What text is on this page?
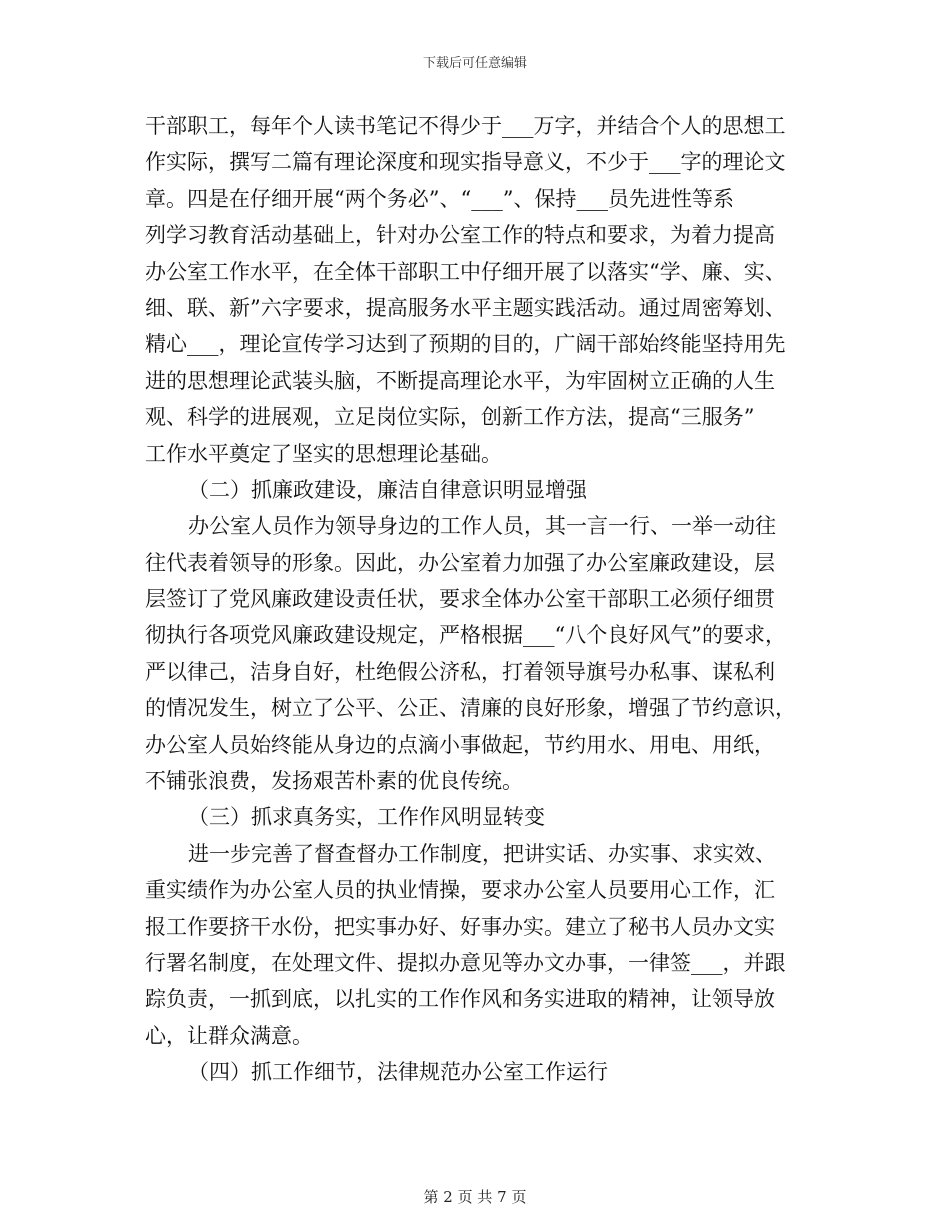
下载后可任意编辑
干部职工，每年个人读书笔记不得少于___万字，并结合个人的思想工
作实际，撰写二篇有理论深度和现实指导意义，不少于___字的理论文
章。四是在仔细开展“两个务必”、“___”、保持___员先进性等系
列学习教育活动基础上，针对办公室工作的特点和要求，为着力提高
办公室工作水平，在全体干部职工中仔细开展了以落实“学、廉、实、
细、联、新”六字要求，提高服务水平主题实践活动。通过周密筹划、
精心___，理论宣传学习达到了预期的目的，广阔干部始终能坚持用先
进的思想理论武装头脑，不断提高理论水平，为牢固树立正确的人生
观、科学的进展观，立足岗位实际，创新工作方法，提高“三服务”
工作水平奠定了坚实的思想理论基础。
（二）抓廉政建设，廉洁自律意识明显增强
办公室人员作为领导身边的工作人员，其一言一行、一举一动往
往代表着领导的形象。因此，办公室着力加强了办公室廉政建设，层
层签订了党风廉政建设责任状，要求全体办公室干部职工必须仔细贯
彻执行各项党风廉政建设规定，严格根据___“八个良好风气”的要求，
严以律己，洁身自好，杜绝假公济私，打着领导旗号办私事、谋私利
的情况发生，树立了公平、公正、清廉的良好形象，增强了节约意识，
办公室人员始终能从身边的点滴小事做起，节约用水、用电、用纸，
不铺张浪费，发扬艰苦朴素的优良传统。
（三）抓求真务实，工作作风明显转变
进一步完善了督查督办工作制度，把讲实话、办实事、求实效、
重实绩作为办公室人员的执业情操，要求办公室人员要用心工作，汇
报工作要挤干水份，把实事办好、好事办实。建立了秘书人员办文实
行署名制度，在处理文件、提拟办意见等办文办事，一律签___，并跟
踪负责，一抓到底，以扎实的工作作风和务实进取的精神，让领导放
心，让群众满意。
（四）抓工作细节，法律规范办公室工作运行
第 2 页 共 7 页
